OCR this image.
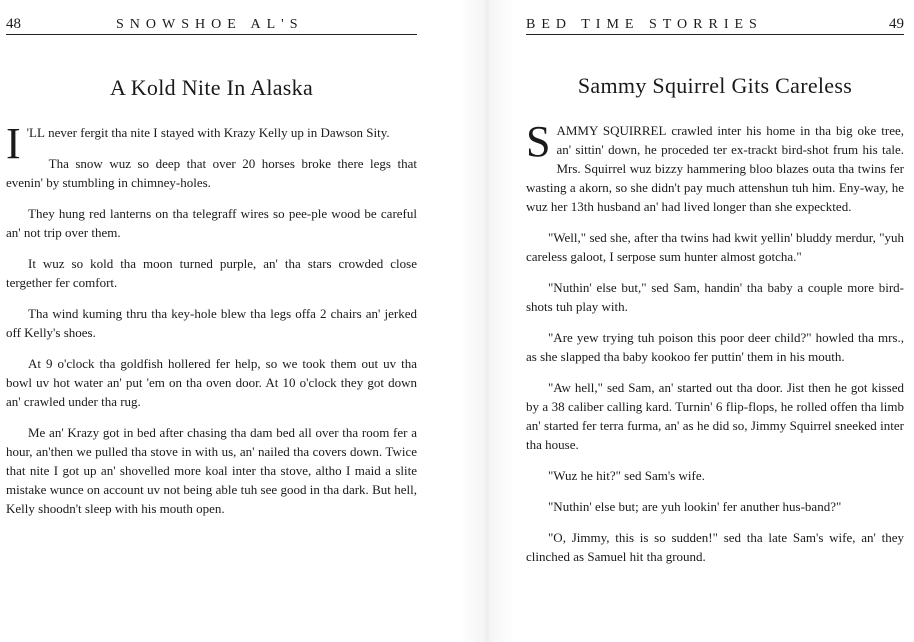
48	SNOWSHOE AL'S
A Kold Nite In Alaska

I 'LL never fergit tha nite I stayed with Krazy Kelly up in Dawson Sity.

Tha snow wuz so deep that over 20 horses broke there legs that evenin' by stumbling in chimney-holes.

They hung red lanterns on tha telegraff wires so pee-ple wood be careful an' not trip over them.

It wuz so kold tha moon turned purple, an' tha stars crowded close tergether fer comfort.

Tha wind kuming thru tha key-hole blew tha legs offa 2 chairs an' jerked off Kelly's shoes.

At 9 o'clock tha goldfish hollered fer help, so we took them out uv tha bowl uv hot water an' put 'em on tha oven door. At 10 o'clock they got down an' crawled under tha rug.

Me an' Krazy got in bed after chasing tha dam bed all over tha room fer a hour, an'then we pulled tha stove in with us, an' nailed tha covers down. Twice that nite I got up an' shovelled more koal inter tha stove, altho I maid a slite mistake wunce on account uv not being able tuh see good in tha dark. But hell, Kelly shoodn't sleep with his mouth open.

BED TIME STORRIES	49
Sammy Squirrel Gits Careless

SAMMY SQUIRREL crawled inter his home in tha big oke tree, an' sittin' down, he proceded ter ex-trackt bird-shot frum his tale. Mrs. Squirrel wuz bizzy hammering bloo blazes outa tha twins fer wasting a akorn, so she didn't pay much attenshun tuh him. Eny-way, he wuz her 13th husband an' had lived longer than she expeckted.

"Well," sed she, after tha twins had kwit yellin' bluddy merdur, "yuh careless galoot, I serpose sum hunter almost gotcha."

"Nuthin' else but," sed Sam, handin' tha baby a couple more bird-shots tuh play with.

"Are yew trying tuh poison this poor deer child?" howled tha mrs., as she slapped tha baby kookoo fer puttin' them in his mouth.

"Aw hell," sed Sam, an' started out tha door. Jist then he got kissed by a 38 caliber calling kard. Turnin' 6 flip-flops, he rolled offen tha limb an' started fer terra furma, an' as he did so, Jimmy Squirrel sneeked inter tha house.

"Wuz he hit?" sed Sam's wife.

"Nuthin' else but; are yuh lookin' fer anuther hus-band?"

"O, Jimmy, this is so sudden!" sed tha late Sam's wife, an' they clinched as Samuel hit tha ground.
